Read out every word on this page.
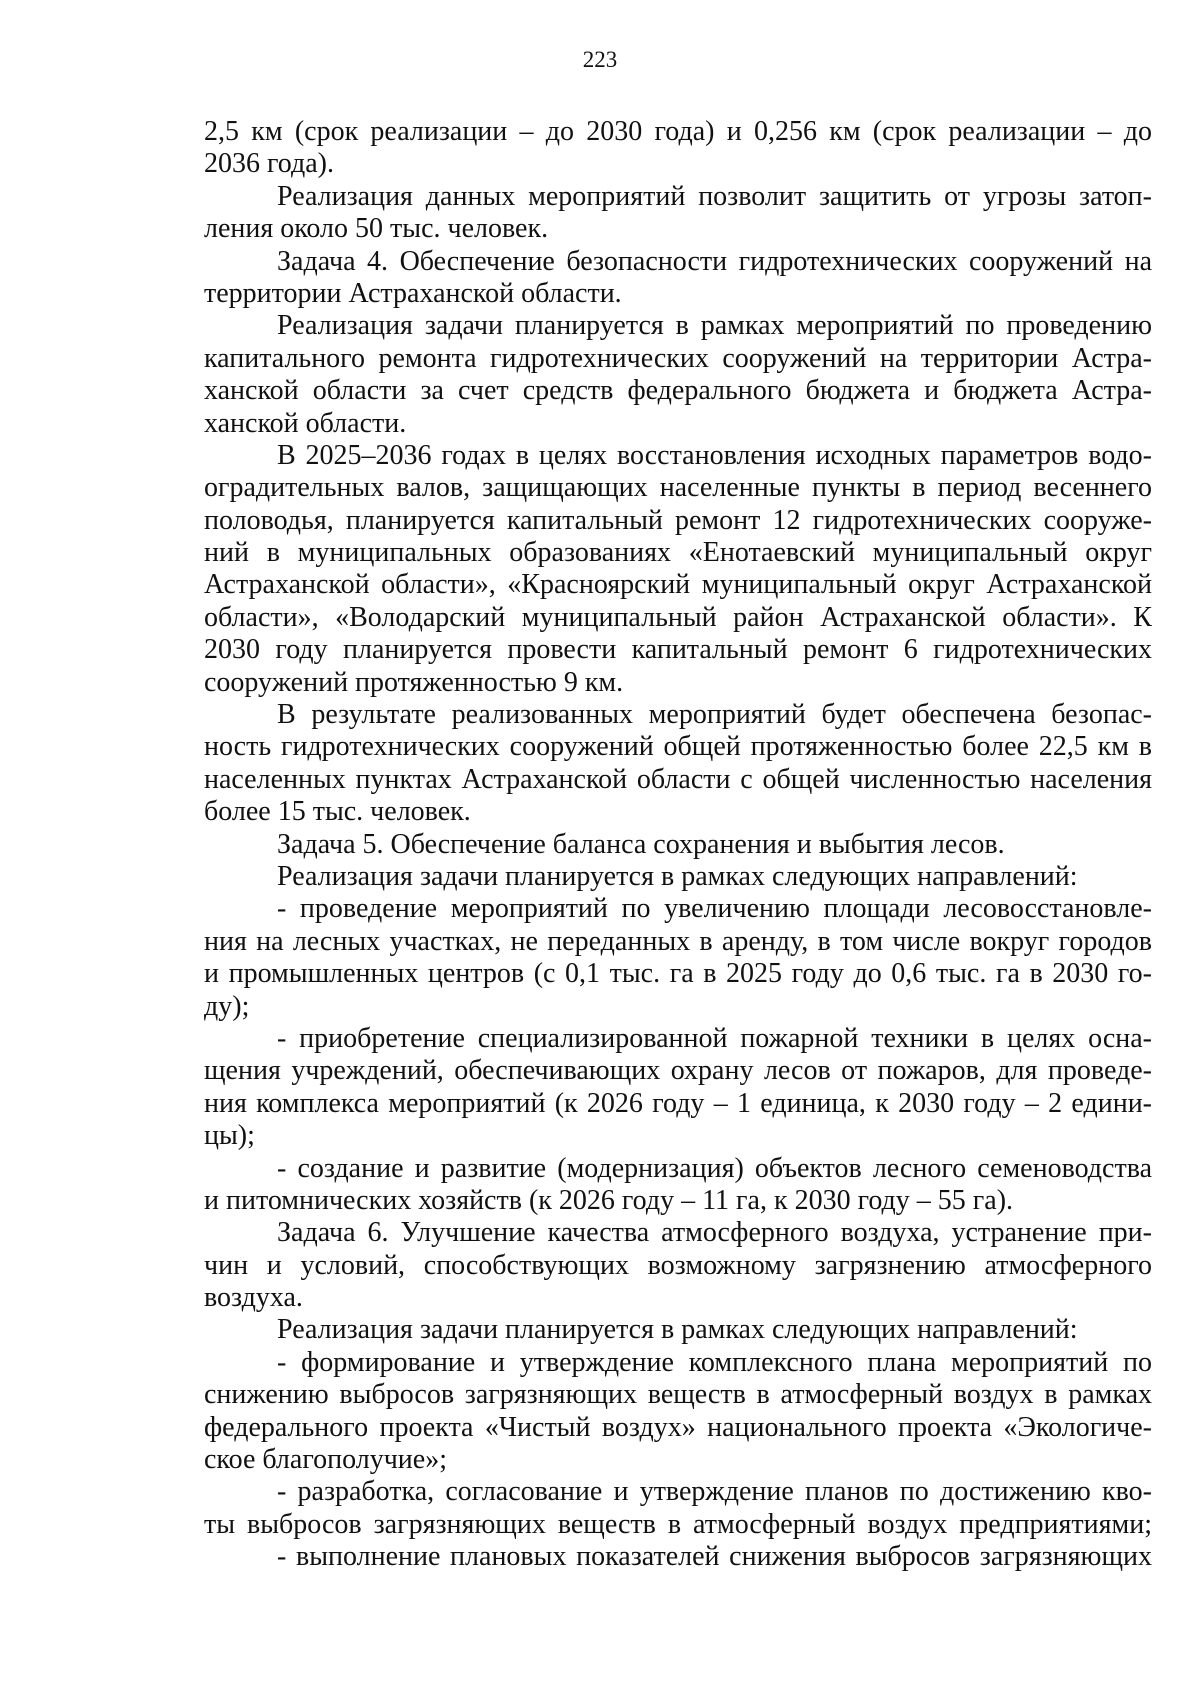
223
2,5 км (срок реализации – до 2030 года) и 0,256 км (срок реализации – до
2036 года).
Реализация данных мероприятий позволит защитить от угрозы затоп-
ления около 50 тыс. человек.
Задача 4. Обеспечение безопасности гидротехнических сооружений на
территории Астраханской области.
Реализация задачи планируется в рамках мероприятий по проведению
капитального ремонта гидротехнических сооружений на территории Астра-
ханской области за счет средств федерального бюджета и бюджета Астра-
ханской области.
В 2025–2036 годах в целях восстановления исходных параметров водо-
оградительных валов, защищающих населенные пункты в период весеннего
половодья, планируется капитальный ремонт 12 гидротехнических сооруже-
ний в муниципальных образованиях «Енотаевский муниципальный округ
Астраханской области», «Красноярский муниципальный округ Астраханской
области», «Володарский муниципальный район Астраханской области». К
2030 году планируется провести капитальный ремонт 6 гидротехнических
сооружений протяженностью 9 км.
В результате реализованных мероприятий будет обеспечена безопас-
ность гидротехнических сооружений общей протяженностью более 22,5 км в
населенных пунктах Астраханской области с общей численностью населения
более 15 тыс. человек.
Задача 5. Обеспечение баланса сохранения и выбытия лесов.
Реализация задачи планируется в рамках следующих направлений:
- проведение мероприятий по увеличению площади лесовосстановле-
ния на лесных участках, не переданных в аренду, в том числе вокруг городов
и промышленных центров (с 0,1 тыс. га в 2025 году до 0,6 тыс. га в 2030 го-
ду);
- приобретение специализированной пожарной техники в целях осна-
щения учреждений, обеспечивающих охрану лесов от пожаров, для проведе-
ния комплекса мероприятий (к 2026 году – 1 единица, к 2030 году – 2 едини-
цы);
- создание и развитие (модернизация) объектов лесного семеноводства
и питомнических хозяйств (к 2026 году – 11 га, к 2030 году – 55 га).
Задача 6. Улучшение качества атмосферного воздуха, устранение при-
чин и условий, способствующих возможному загрязнению атмосферного
воздуха.
Реализация задачи планируется в рамках следующих направлений:
- формирование и утверждение комплексного плана мероприятий по
снижению выбросов загрязняющих веществ в атмосферный воздух в рамках
федерального проекта «Чистый воздух» национального проекта «Экологиче-
ское благополучие»;
- разработка, согласование и утверждение планов по достижению кво-
ты выбросов загрязняющих веществ в атмосферный воздух предприятиями;
- выполнение плановых показателей снижения выбросов загрязняющих
